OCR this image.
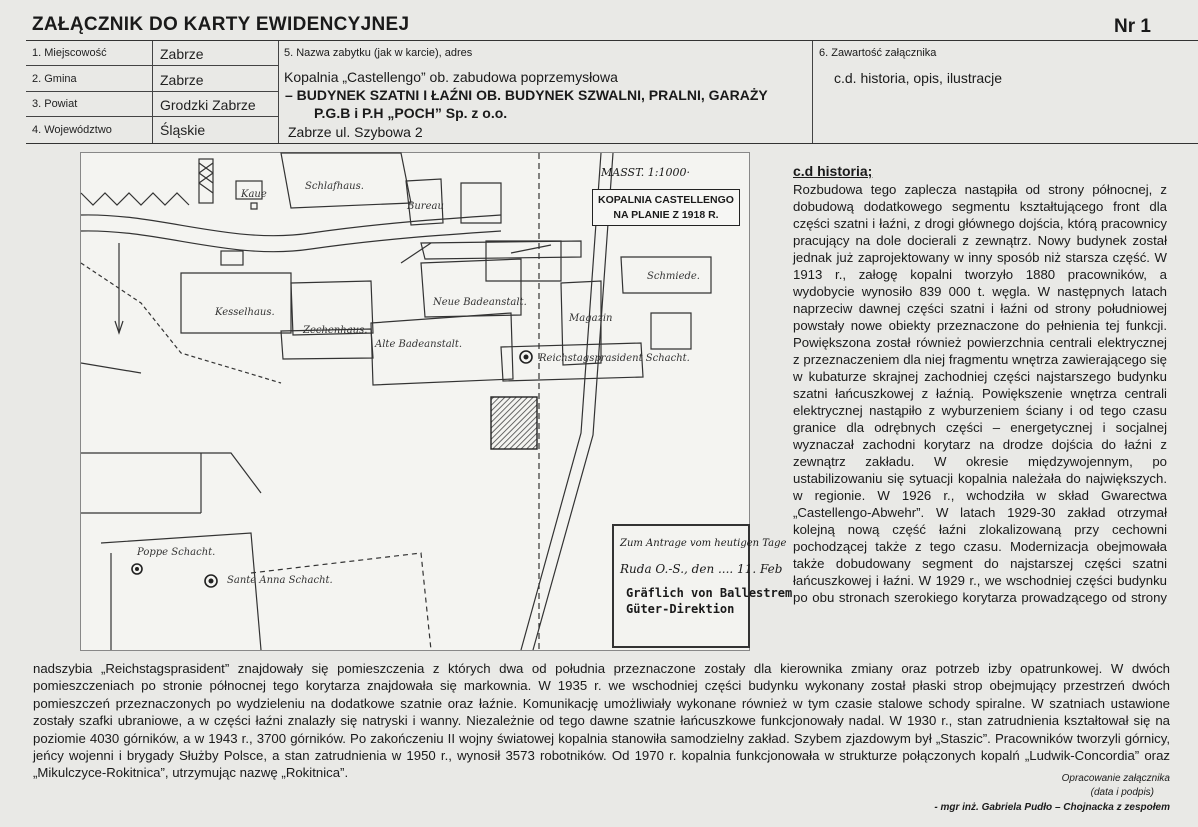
ZAŁĄCZNIK DO KARTY EWIDENCYJNEJ	Nr 1
1. Miejscowość	Zabrze
2. Gmina	Zabrze
3. Powiat	Grodzki Zabrze
4. Województwo	Śląskie
5. Nazwa zabytku (jak w karcie), adres
Kopalnia „Castellengo” ob. zabudowa poprzemysłowa
– BUDYNEK SZATNI I ŁAŹNI OB. BUDYNEK SZWALNI, PRALNI, GARAŻY
P.G.B i P.H „POCH” Sp. z o.o.
Zabrze ul. Szybowa 2
6. Zawartość załącznika
c.d. historia, opis, ilustracje
Schlafhaus.
Kaue
Bureau
Kesselhaus.
Zechenhaus.
Alte Badeanstalt.
Neue Badeanstalt.
Magazin
Schmiede.
Reichstagsprasident Schacht.
Sante Anna Schacht.
Poppe Schacht.
MASST. 1:1000·
KOPALNIA CASTELLENGO
NA PLANIE Z 1918 R.
Zum Antrage vom heutigen Tage
Ruda O.-S., den .... 11. Feb
Gräflich von Ballestrem
Güter-Direktion
c.d historia;
Rozbudowa tego zaplecza nastąpiła od strony północnej, z dobudową dodatkowego segmentu kształtującego front dla części szatni i łaźni, z drogi głównego dojścia, którą pracownicy pracujący na dole docierali z zewnątrz. Nowy budynek został jednak już zaprojektowany w inny sposób niż starsza część. W 1913 r., załogę kopalni tworzyło 1880 pracowników, a wydobycie wynosiło 839 000 t. węgla. W następnych latach naprzeciw dawnej części szatni i łaźni od strony południowej powstały nowe obiekty przeznaczone do pełnienia tej funkcji. Powiększona został również powierzchnia centrali elektrycznej z przeznaczeniem dla niej fragmentu wnętrza zawierającego się w kubaturze skrajnej zachodniej części najstarszego budynku szatni łańcuszkowej z łaźnią. Powiększenie wnętrza centrali elektrycznej nastąpiło z wyburzeniem ściany i od tego czasu granice dla odrębnych części – energetycznej i socjalnej wyznaczał zachodni korytarz na drodze dojścia do łaźni z zewnątrz zakładu. W okresie międzywojennym, po ustabilizowaniu się sytuacji kopalnia należała do największych. w regionie. W 1926 r., wchodziła w skład Gwarectwa „Castellengo-Abwehr”. W latach 1929-30 zakład otrzymał kolejną nową część łaźni zlokalizowaną przy cechowni pochodzącej także z tego czasu. Modernizacja obejmowała także dobudowany segment do najstarszej części szatni łańcuszkowej i łaźni. W 1929 r., we wschodniej części budynku po obu stronach szerokiego korytarza prowadzącego od strony
nadszybia „Reichstagsprasident” znajdowały się pomieszczenia z których dwa od południa przeznaczone zostały dla kierownika zmiany oraz potrzeb izby opatrunkowej. W dwóch pomieszczeniach po stronie północnej tego korytarza znajdowała się markownia. W 1935 r. we wschodniej części budynku wykonany został płaski strop obejmujący przestrzeń dwóch pomieszczeń przeznaczonych po wydzieleniu na dodatkowe szatnie oraz łaźnie. Komunikację umożliwiały wykonane również w tym czasie stalowe schody spiralne. W szatniach ustawione zostały szafki ubraniowe, a w części łaźni znalazły się natryski i wanny. Niezależnie od tego dawne szatnie łańcuszkowe funkcjonowały nadal. W 1930 r., stan zatrudnienia kształtował się na poziomie 4030 górników, a w 1943 r., 3700 górników. Po zakończeniu II wojny światowej kopalnia stanowiła samodzielny zakład. Szybem zjazdowym był „Staszic”. Pracowników tworzyli górnicy, jeńcy wojenni i brygady Służby Polsce, a stan zatrudnienia w 1950 r., wynosił 3573 robotników. Od 1970 r. kopalnia funkcjonowała w strukturze połączonych kopalń „Ludwik-Concordia” oraz „Mikulczyce-Rokitnica”, utrzymując nazwę „Rokitnica”.	Opracowanie załącznika
(data i podpis)
- mgr inż. Gabriela Pudło – Chojnacka z zespołem
